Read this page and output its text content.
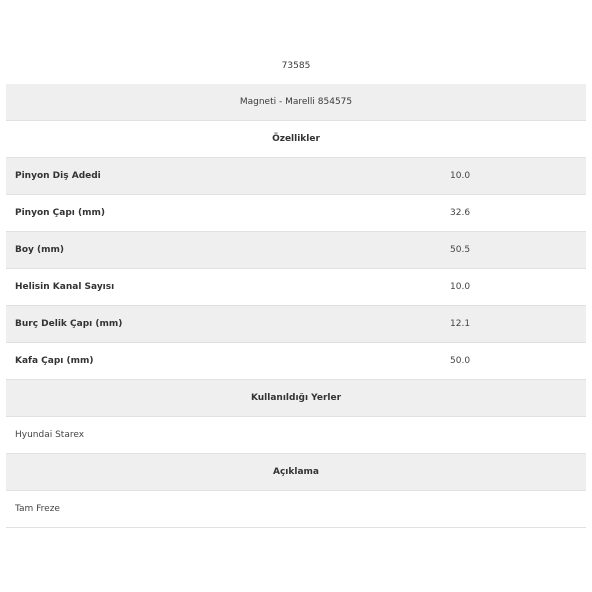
73585
Magneti - Marelli 854575
Özellikler
Pinyon Diş Adedi	10.0
Pinyon Çapı (mm)	32.6
Boy (mm)	50.5
Helisin Kanal Sayısı	10.0
Burç Delik Çapı (mm)	12.1
Kafa Çapı (mm)	50.0
Kullanıldığı Yerler
Hyundai Starex
Açıklama
Tam Freze
